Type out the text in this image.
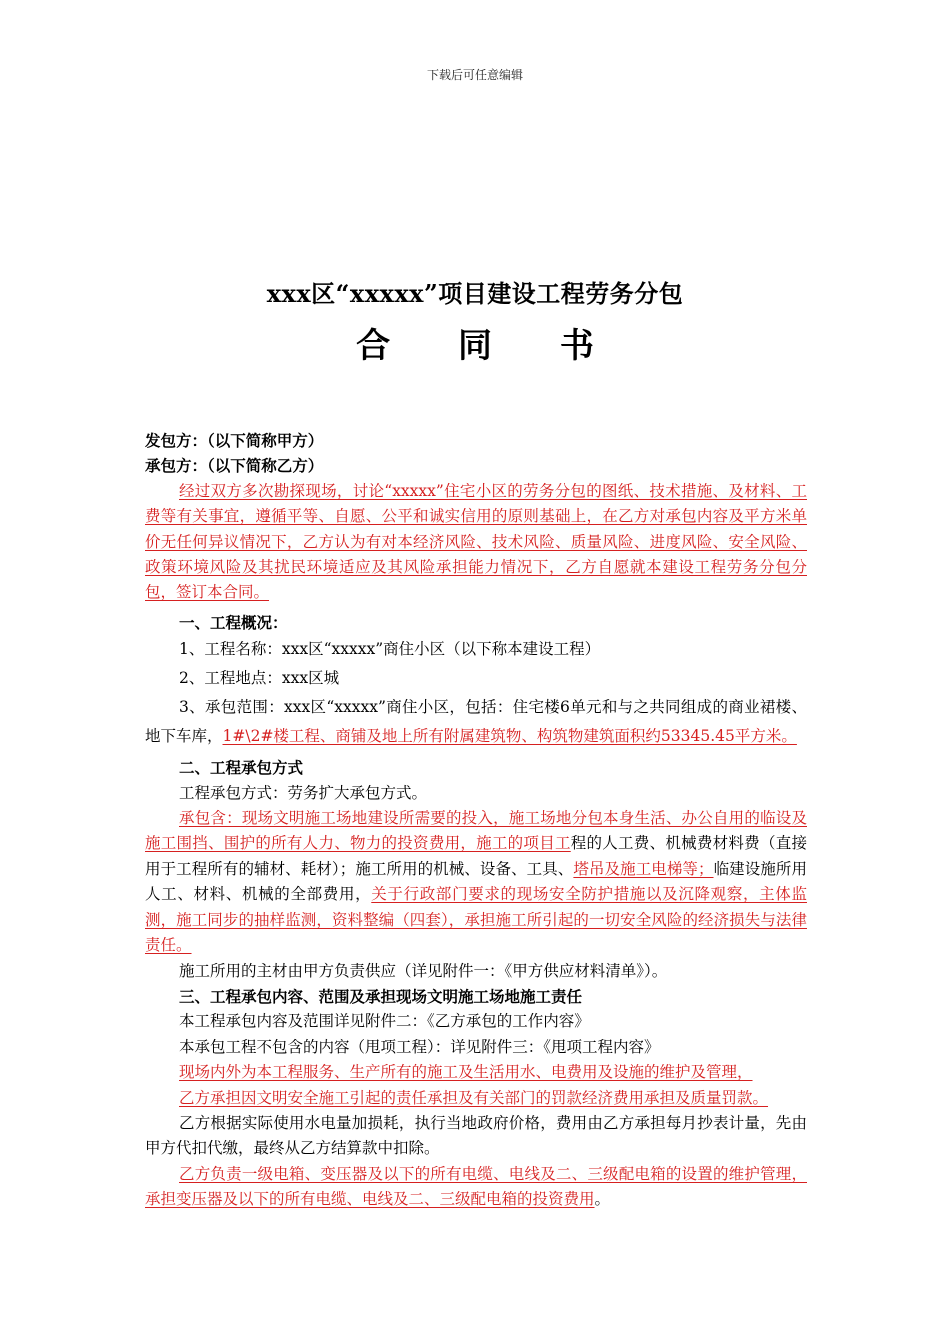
下载后可任意编辑
xxx区“xxxxx”项目建设工程劳务分包
合 同 书

发包方：（以下简称甲方）

承包方：（以下简称乙方）

经过双方多次勘探现场，讨论“xxxxx”住宅小区的劳务分包的图纸、技术措施、及材料、工费等有关事宜，遵循平等、自愿、公平和诚实信用的原则基础上，在乙方对承包内容及平方米单价无任何异议情况下，乙方认为有对本经济风险、技术风险、质量风险、进度风险、安全风险、政策环境风险及其扰民环境适应及其风险承担能力情况下，乙方自愿就本建设工程劳务分包分包，签订本合同。

一、工程概况：

1、工程名称：xxx区“xxxxx”商住小区（以下称本建设工程）

2、工程地点：xxx区城

3、承包范围：xxx区“xxxxx”商住小区，包括：住宅楼6单元和与之共同组成的商业裙楼、地下车库，1#\2#楼工程、商铺及地上所有附属建筑物、构筑物建筑面积约53345.45平方米。

二、工程承包方式

工程承包方式：劳务扩大承包方式。

承包含：现场文明施工场地建设所需要的投入，施工场地分包本身生活、办公自用的临设及施工围挡、围护的所有人力、物力的投资费用，施工的项目工程的人工费、机械费材料费（直接用于工程所有的辅材、耗材）；施工所用的机械、设备、工具、塔吊及施工电梯等；临建设施所用人工、材料、机械的全部费用，关于行政部门要求的现场安全防护措施以及沉降观察，主体监测，施工同步的抽样监测，资料整编（四套），承担施工所引起的一切安全风险的经济损失与法律责任。

施工所用的主材由甲方负责供应（详见附件一：《甲方供应材料清单》）。

三、工程承包内容、范围及承担现场文明施工场地施工责任

本工程承包内容及范围详见附件二：《乙方承包的工作内容》

本承包工程不包含的内容（甩项工程）：详见附件三：《甩项工程内容》

现场内外为本工程服务、生产所有的施工及生活用水、电费用及设施的维护及管理，

乙方承担因文明安全施工引起的责任承担及有关部门的罚款经济费用承担及质量罚款。

乙方根据实际使用水电量加损耗，执行当地政府价格，费用由乙方承担每月抄表计量，先由甲方代扣代缴，最终从乙方结算款中扣除。

乙方负责一级电箱、变压器及以下的所有电缆、电线及二、三级配电箱的设置的维护管理，承担变压器及以下的所有电缆、电线及二、三级配电箱的投资费用。
